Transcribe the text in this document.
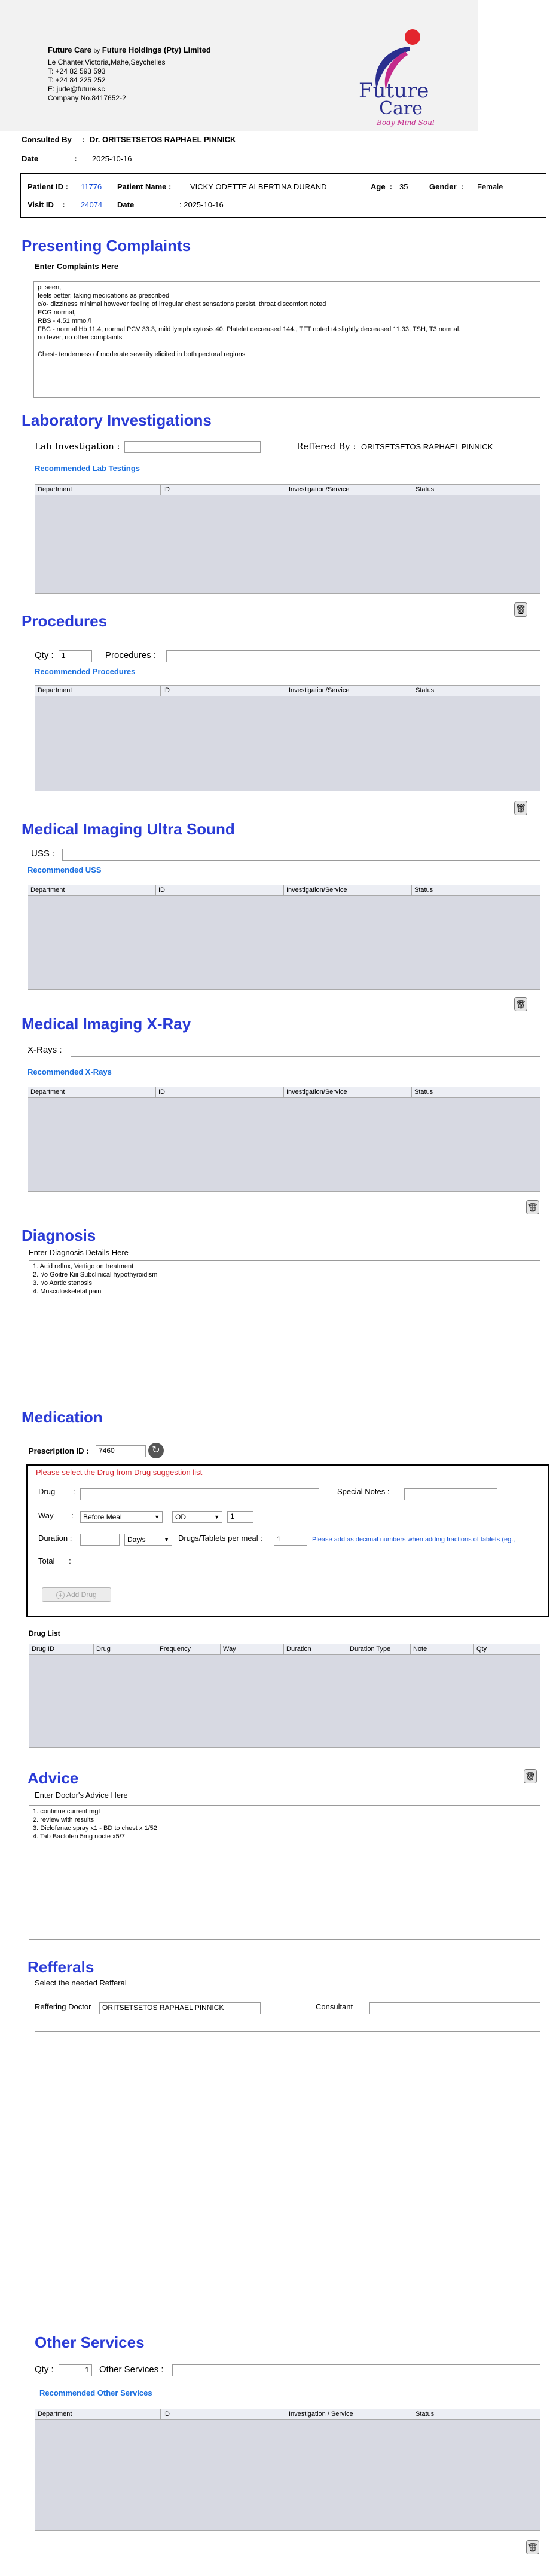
Future Care by Future Holdings (Pty) Limited
Le Chanter,Victoria,Mahe,Seychelles
T: +24 82 593 593
T: +24 84 225 252
E: jude@future.sc
Company No.8417652-2	Future
Care
Body Mind Soul
Consulted By : Dr. ORITSETSETOS RAPHAEL PINNICK
Date	: 2025-10-16
Patient ID : 11776 Patient Name : VICKY ODETTE ALBERTINA DURAND	Age  : 35	Gender  : Female
Visit ID    : 24074 Date	: 2025-10-16
Presenting Complaints
Enter Complaints Here
pt seen,
feels better, taking medications as prescribed
c/o- dizziness minimal however feeling of irregular chest sensations persist, throat discomfort noted
ECG normal,
RBS - 4.51 mmol/l
FBC - normal Hb 11.4, normal PCV 33.3, mild lymphocytosis 40, Platelet decreased 144., TFT noted t4 slightly decreased 11.33, TSH, T3 normal.
no fever, no other complaints
Chest- tenderness of moderate severity elicited in both pectoral regions
Laboratory Investigations
Lab Investigation :	Reffered By : ORITSETSETOS RAPHAEL PINNICK
Recommended Lab Testings
Department	ID	Investigation/Service	Status
Procedures
🗑
Qty :	1	Procedures :
Recommended Procedures
Department	ID	Investigation/Service	Status
🗑
Medical Imaging Ultra Sound
USS :
Recommended USS
Department	ID	Investigation/Service	Status
🗑
Medical Imaging X-Ray
X-Rays :
Recommended X-Rays
Department	ID	Investigation/Service	Status
🗑
Diagnosis
Enter Diagnosis Details Here
1. Acid reflux, Vertigo on treatment
2. r/o Goitre Kiii Subclinical hypothyroidism
3. r/o Aortic stenosis
4. Musculoskeletal pain
Medication
Prescription ID :	7460	↻
Please select the Drug from Drug suggestion list
Drug :	Special Notes :
Way : Before Meal	▼ OD	▼	1
Duration :	Day/s	▼ Drugs/Tablets per meal :	1	Please add as decimal numbers when adding fractions of tablets (eg.,
Total :
+ Add Drug
Drug List
Drug ID	Drug	Frequency	Way	Duration	Duration Type	Note	Qty
Advice	🗑
Enter Doctor's Advice Here
1. continue current mgt
2. review with results
3. Diclofenac spray x1 - BD to chest x 1/52
4. Tab Baclofen 5mg nocte x5/7
Refferals
Select the needed Refferal
Reffering Doctor	ORITSETSETOS RAPHAEL PINNICK	Consultant
Other Services
Qty :	1	Other Services :
Recommended Other Services
Department	ID	Investigation / Service	Status
🗑
